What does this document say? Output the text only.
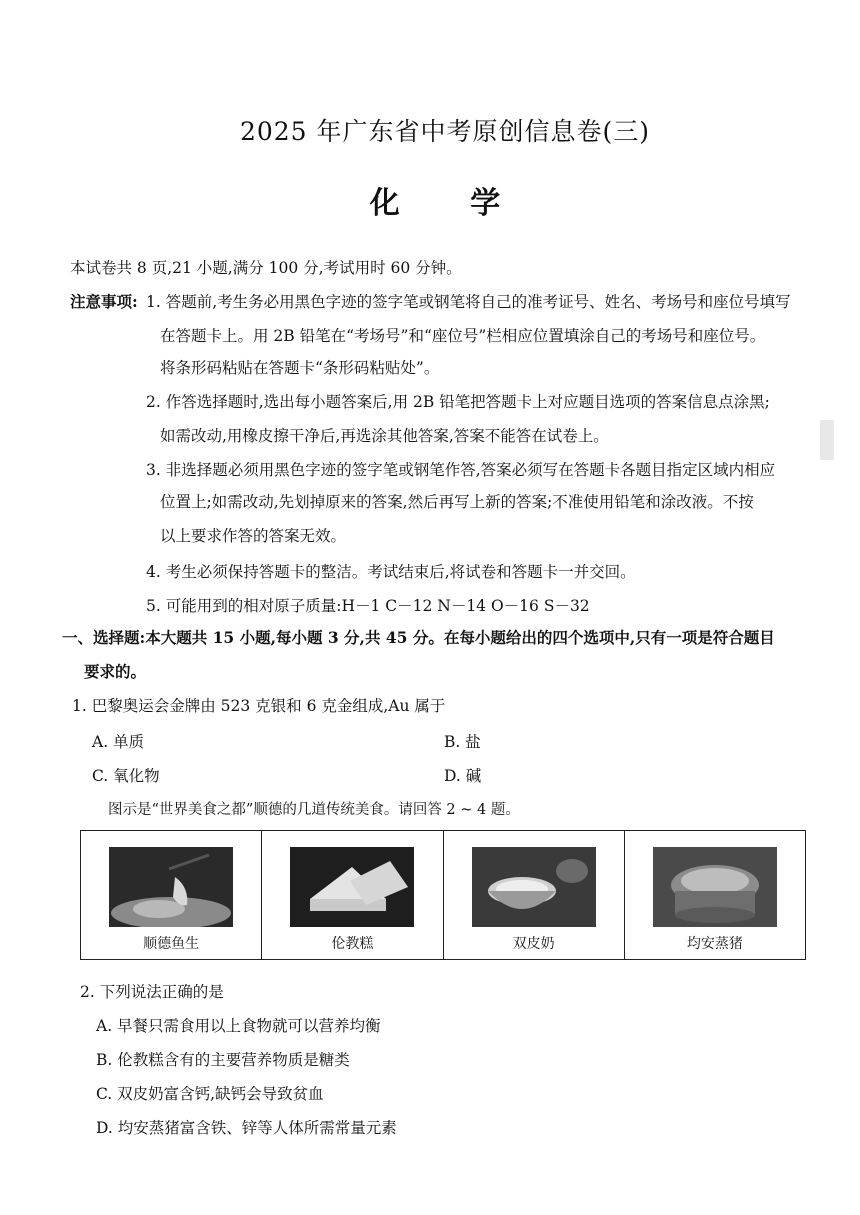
2025 年广东省中考原创信息卷(三)
化 学
本试卷共 8 页,21 小题,满分 100 分,考试用时 60 分钟。
注意事项: 1. 答题前,考生务必用黑色字迹的签字笔或钢笔将自己的准考证号、姓名、考场号和座位号填写
在答题卡上。用 2B 铅笔在“考场号”和“座位号”栏相应位置填涂自己的考场号和座位号。
将条形码粘贴在答题卡“条形码粘贴处”。
2. 作答选择题时,选出每小题答案后,用 2B 铅笔把答题卡上对应题目选项的答案信息点涂黑;
如需改动,用橡皮擦干净后,再选涂其他答案,答案不能答在试卷上。
3. 非选择题必须用黑色字迹的签字笔或钢笔作答,答案必须写在答题卡各题目指定区域内相应
位置上;如需改动,先划掉原来的答案,然后再写上新的答案;不准使用铅笔和涂改液。不按
以上要求作答的答案无效。
4. 考生必须保持答题卡的整洁。考试结束后,将试卷和答题卡一并交回。
5. 可能用到的相对原子质量:H－1 C－12 N－14 O－16 S－32
一、选择题:本大题共 15 小题,每小题 3 分,共 45 分。在每小题给出的四个选项中,只有一项是符合题目
要求的。
1. 巴黎奥运会金牌由 523 克银和 6 克金组成,Au 属于
A. 单质	B. 盐
C. 氧化物	D. 碱
图示是“世界美食之都”顺德的几道传统美食。请回答 2 ~ 4 题。
顺德鱼生	伦教糕	双皮奶	均安蒸猪
2. 下列说法正确的是
A. 早餐只需食用以上食物就可以营养均衡
B. 伦教糕含有的主要营养物质是糖类
C. 双皮奶富含钙,缺钙会导致贫血
D. 均安蒸猪富含铁、锌等人体所需常量元素
